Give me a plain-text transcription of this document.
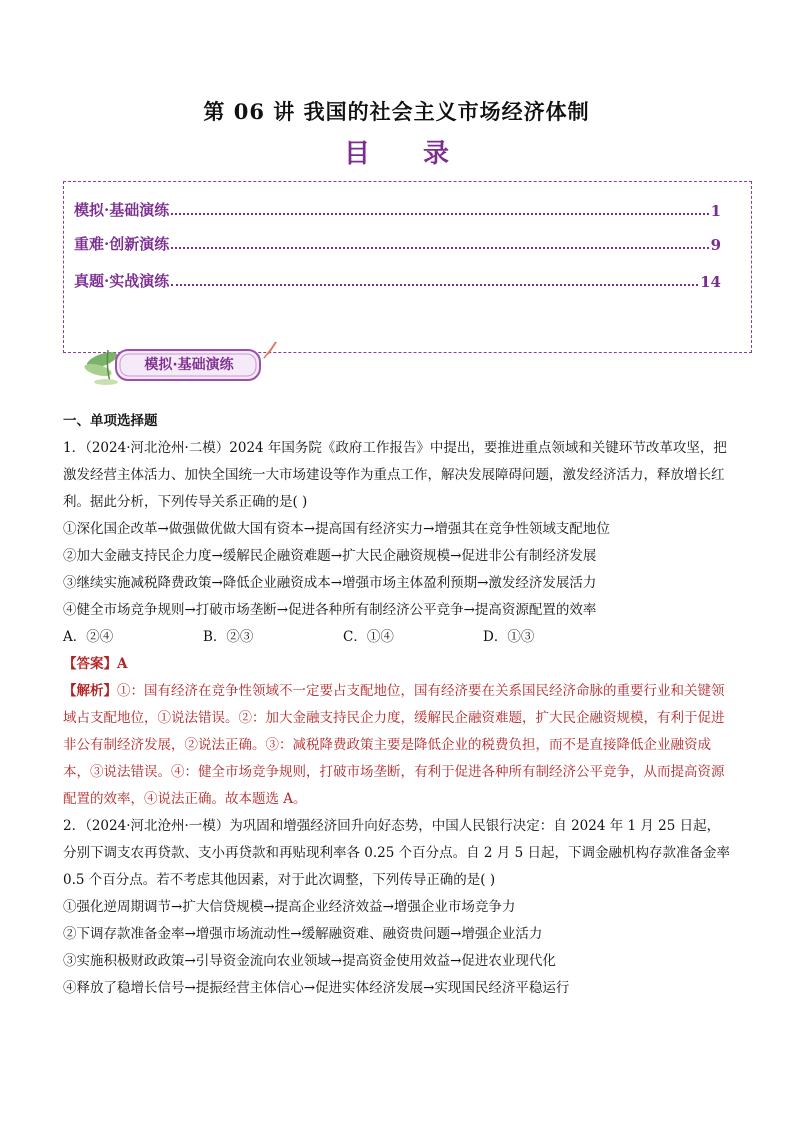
第 06 讲 我国的社会主义市场经济体制
目 录
模拟·基础演练	1
重难·创新演练	9
真题·实战演练	14
模拟·基础演练

一、单项选择题

1．（2024·河北沧州·二模）2024 年国务院《政府工作报告》中提出，要推进重点领域和关键环节改革攻坚，把激发经营主体活力、加快全国统一大市场建设等作为重点工作，解决发展障碍问题，激发经济活力，释放增长红利。据此分析，下列传导关系正确的是( )

①深化国企改革→做强做优做大国有资本→提高国有经济实力→增强其在竞争性领域支配地位

②加大金融支持民企力度→缓解民企融资难题→扩大民企融资规模→促进非公有制经济发展

③继续实施减税降费政策→降低企业融资成本→增强市场主体盈利预期→激发经济发展活力

④健全市场竞争规则→打破市场垄断→促进各种所有制经济公平竞争→提高资源配置的效率

A．②④	B．②③	C．①④	D．①③

【答案】A

【解析】①：国有经济在竞争性领域不一定要占支配地位，国有经济要在关系国民经济命脉的重要行业和关键领域占支配地位，①说法错误。②：加大金融支持民企力度，缓解民企融资难题，扩大民企融资规模，有利于促进非公有制经济发展，②说法正确。③：减税降费政策主要是降低企业的税费负担，而不是直接降低企业融资成本，③说法错误。④：健全市场竞争规则，打破市场垄断，有利于促进各种所有制经济公平竞争，从而提高资源配置的效率，④说法正确。故本题选 A。

2．（2024·河北沧州·一模）为巩固和增强经济回升向好态势，中国人民银行决定：自 2024 年 1 月 25 日起，分别下调支农再贷款、支小再贷款和再贴现利率各 0.25 个百分点。自 2 月 5 日起，下调金融机构存款准备金率 0.5 个百分点。若不考虑其他因素，对于此次调整，下列传导正确的是( )

①强化逆周期调节→扩大信贷规模→提高企业经济效益→增强企业市场竞争力

②下调存款准备金率→增强市场流动性→缓解融资难、融资贵问题→增强企业活力

③实施积极财政政策→引导资金流向农业领域→提高资金使用效益→促进农业现代化

④释放了稳增长信号→提振经营主体信心→促进实体经济发展→实现国民经济平稳运行
